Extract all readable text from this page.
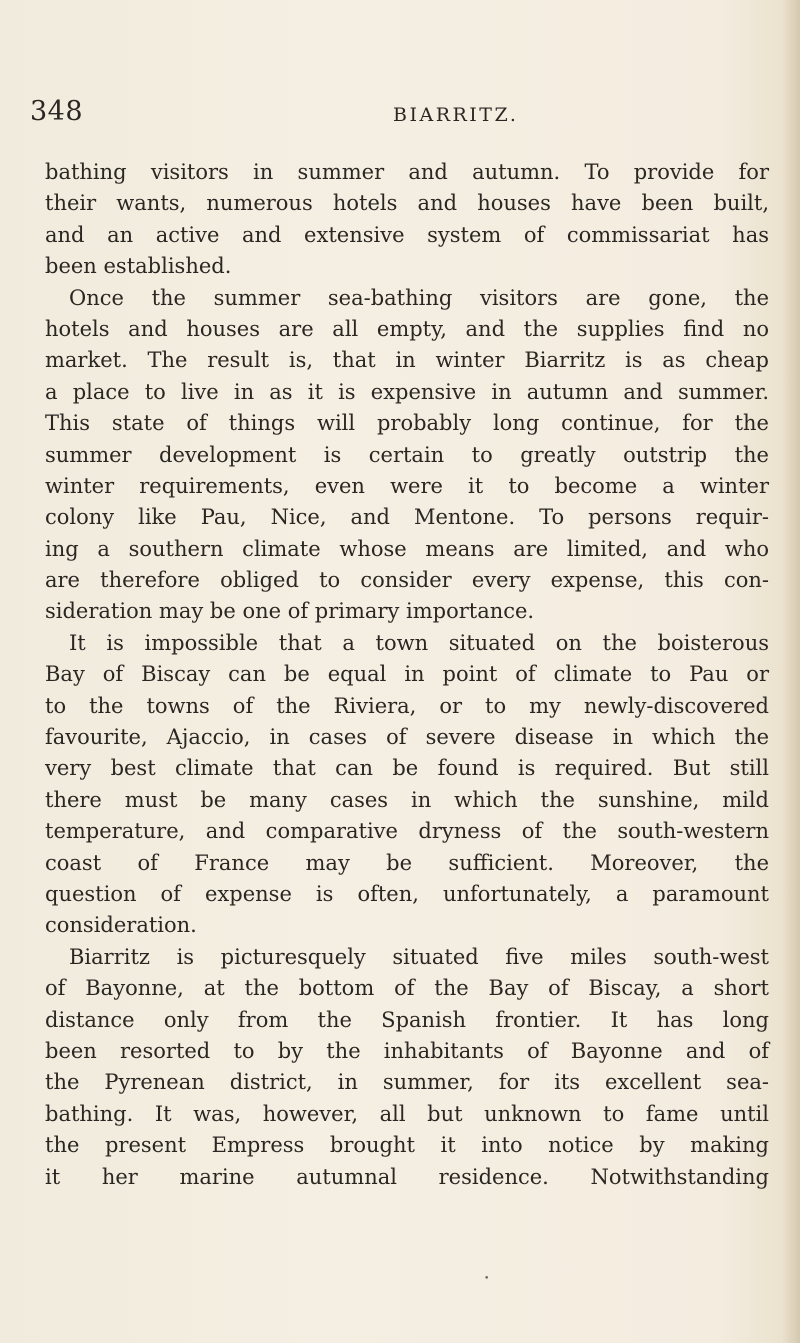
348	BIARRITZ.
bathing visitors in summer and autumn. To provide for
their wants, numerous hotels and houses have been built,
and an active and extensive system of commissariat has
been established.
Once the summer sea-bathing visitors are gone, the
hotels and houses are all empty, and the supplies find no
market. The result is, that in winter Biarritz is as cheap
a place to live in as it is expensive in autumn and summer.
This state of things will probably long continue, for the
summer development is certain to greatly outstrip the
winter requirements, even were it to become a winter
colony like Pau, Nice, and Mentone. To persons requir-
ing a southern climate whose means are limited, and who
are therefore obliged to consider every expense, this con-
sideration may be one of primary importance.
It is impossible that a town situated on the boisterous
Bay of Biscay can be equal in point of climate to Pau or
to the towns of the Riviera, or to my newly-discovered
favourite, Ajaccio, in cases of severe disease in which the
very best climate that can be found is required. But still
there must be many cases in which the sunshine, mild
temperature, and comparative dryness of the south-western
coast of France may be sufficient. Moreover, the
question of expense is often, unfortunately, a paramount
consideration.
Biarritz is picturesquely situated five miles south-west
of Bayonne, at the bottom of the Bay of Biscay, a short
distance only from the Spanish frontier. It has long
been resorted to by the inhabitants of Bayonne and of
the Pyrenean district, in summer, for its excellent sea-
bathing. It was, however, all but unknown to fame until
the present Empress brought it into notice by making
it her marine autumnal residence. Notwithstanding
•
